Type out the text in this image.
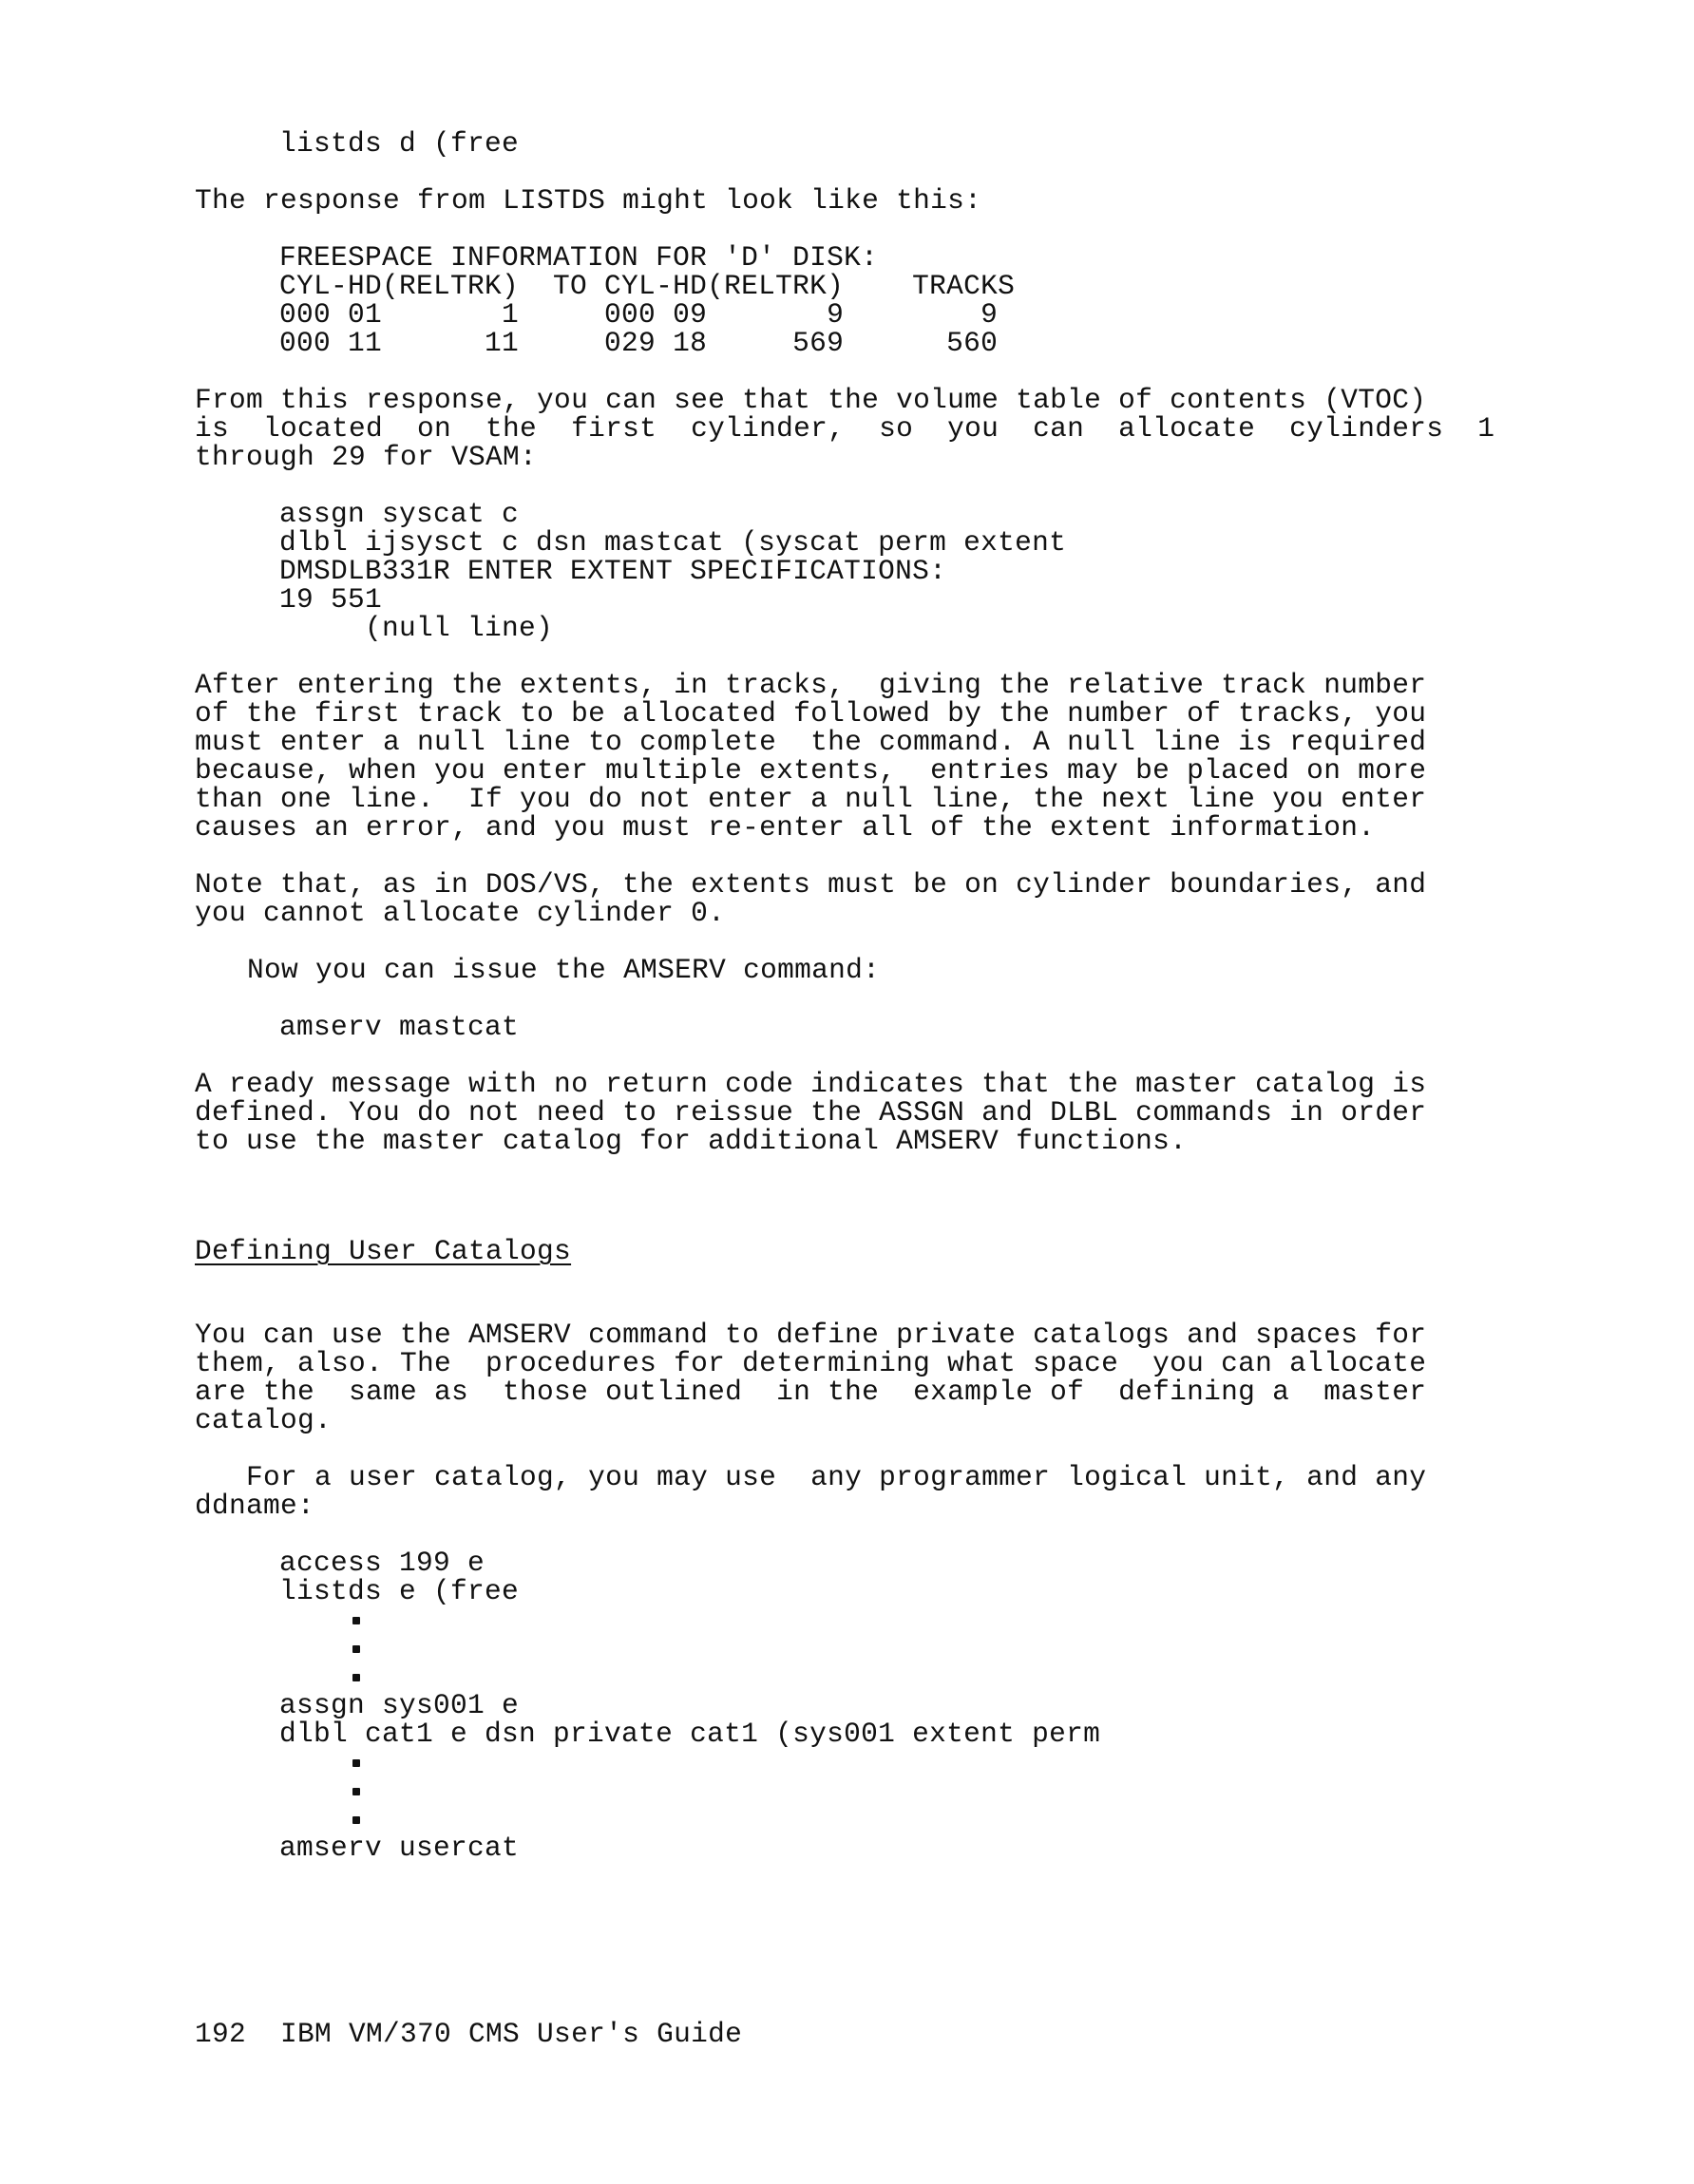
listds d (free
The response from LISTDS might look like this:
FREESPACE INFORMATION FOR 'D' DISK:
CYL-HD(RELTRK)  TO CYL-HD(RELTRK)    TRACKS
000 01       1     000 09       9        9
000 11      11     029 18     569      560
From this response, you can see that the volume table of contents (VTOC)
is  located  on  the  first  cylinder,  so  you  can  allocate  cylinders  1
through 29 for VSAM:
assgn syscat c
dlbl ijsysct c dsn mastcat (syscat perm extent
DMSDLB331R ENTER EXTENT SPECIFICATIONS:
19 551
(null line)
After entering the extents, in tracks,  giving the relative track number
of the first track to be allocated followed by the number of tracks, you
must enter a null line to complete  the command. A null line is required
because, when you enter multiple extents,  entries may be placed on more
than one line.  If you do not enter a null line, the next line you enter
causes an error, and you must re-enter all of the extent information.
Note that, as in DOS/VS, the extents must be on cylinder boundaries, and
you cannot allocate cylinder 0.
Now you can issue the AMSERV command:
amserv mastcat
A ready message with no return code indicates that the master catalog is
defined. You do not need to reissue the ASSGN and DLBL commands in order
to use the master catalog for additional AMSERV functions.
Defining User Catalogs
You can use the AMSERV command to define private catalogs and spaces for
them, also. The  procedures for determining what space  you can allocate
are the  same as  those outlined  in the  example of  defining a  master
catalog.
For a user catalog, you may use  any programmer logical unit, and any
ddname:
access 199 e
listds e (free
assgn sys001 e
dlbl cat1 e dsn private cat1 (sys001 extent perm
amserv usercat
192  IBM VM/370 CMS User's Guide
